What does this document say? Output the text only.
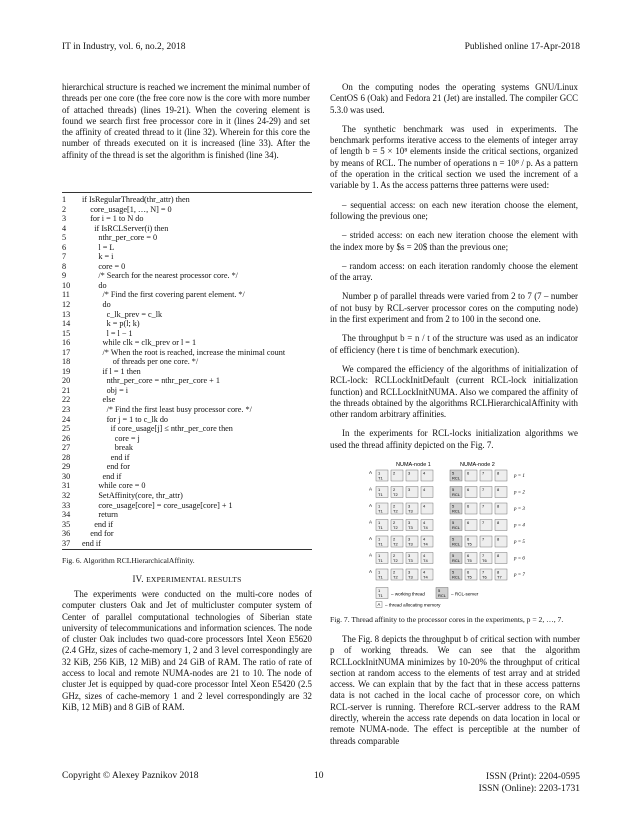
IT in Industry, vol. 6, no.2, 2018	Published online 17-Apr-2018

hierarchical structure is reached we increment the minimal number of threads per one core (the free core now is the core with more number of attached threads) (lines 19-21). When the covering element is found we search first free processor core in it (lines 24-29) and set the affinity of created thread to it (line 32). Wherein for this core the number of threads executed on it is increased (line 33). After the affinity of the thread is set the algorithm is finished (line 34).

1	if IsRegularThread(thr_attr) then
2	core_usage[1, …, N] = 0
3	for i = 1 to N do
4	if IsRCLServer(i) then
5	nthr_per_core = 0
6	l = L
7	k = i
8	core = 0
9	/* Search for the nearest processor core. */
10	do
11	/* Find the first covering parent element. */
12	do
13	c_lk_prev = c_lk
14	k = p(l; k)
15	l = l − 1
16	while clk = clk_prev or l = 1
17	/* When the root is reached, increase the minimal count
18	of threads per one core. */
19	if l = 1 then
20	nthr_per_core = nthr_per_core + 1
21	obj = i
22	else
23	/* Find the first least busy processor core. */
24	for j = 1 to c_lk do
25	if core_usage[j] ≤ nthr_per_core then
26	core = j
27	break
28	end if
29	end for
30	end if
31	while core = 0
32	SetAffinity(core, thr_attr)
33	core_usage[core] = core_usage[core] + 1
34	return
35	end if
36	end for
37	end if
Fig. 6. Algorithm RCLHierarchicalAffinity.
IV. EXPERIMENTAL RESULTS

The experiments were conducted on the multi-core nodes of computer clusters Oak and Jet of multicluster computer system of Center of parallel computational technologies of Siberian state university of telecommunications and information sciences. The node of cluster Oak includes two quad-core processors Intel Xeon E5620 (2.4 GHz, sizes of cache-memory 1, 2 and 3 level correspondingly are 32 KiB, 256 KiB, 12 MiB) and 24 GiB of RAM. The ratio of rate of access to local and remote NUMA-nodes are 21 to 10. The node of cluster Jet is equipped by quad-core processor Intel Xeon E5420 (2.5 GHz, sizes of cache-memory 1 and 2 level correspondingly are 32 KiB, 12 MiB) and 8 GiB of RAM.

On the computing nodes the operating systems GNU/Linux CentOS 6 (Oak) and Fedora 21 (Jet) are installed. The compiler GCC 5.3.0 was used.

The synthetic benchmark was used in experiments. The benchmark performs iterative access to the elements of integer array of length b = 5 × 10⁸ elements inside the critical sections, organized by means of RCL. The number of operations n = 10⁸ / p. As a pattern of the operation in the critical section we used the increment of a variable by 1. As the access patterns three patterns were used:

– sequential access: on each new iteration choose the element, following the previous one;

– strided access: on each new iteration choose the element with the index more by $s = 20$ than the previous one;

– random access: on each iteration randomly choose the element of the array.

Number p of parallel threads were varied from 2 to 7 (7 – number of not busy by RCL-server processor cores on the computing node) in the first experiment and from 2 to 100 in the second one.

The throughput b = n / t of the structure was used as an indicator of efficiency (here t is time of benchmark execution).

We compared the efficiency of the algorithms of initialization of RCL-lock: RCLLockInitDefault (current RCL-lock initialization function) and RCLLockInitNUMA. Also we compared the affinity of the threads obtained by the algorithms RCLHierarchicalAffinity with other random arbitrary affinities.

In the experiments for RCL-locks initialization algorithms we used the thread affinity depicted on the Fig. 7.

NUMA-node 1	NUMA-node 2
A 1
T1
2	3	4	5
RCL
6	7	8
p = 1
A 1
T1
2
T2
3	4	5
RCL
6	7	8
p = 2
A 1
T1
2
T2
3
T3
4	5
RCL
6	7	8
p = 3
A 1
T1
2
T2
3
T3
4
T4
5
RCL
6	7	8
p = 4
A 1
T1
2
T2
3
T3
4
T4
5
RCL
6
T5
7	8
p = 5
A 1
T1
2
T2
3
T3
4
T4
5
RCL
6
T5
7
T6
8
p = 6
A 1
T1
2
T2
3
T3
4
T4
5
RCL
6
T5
7
T6
8
T7 p = 7
1
T1 – working thread
5
RCL – RCL-server
A – thread allocating memory
Fig. 7. Thread affinity to the processor cores in the experiments, p = 2, …, 7.

The Fig. 8 depicts the throughput b of critical section with number p of working threads. We can see that the algorithm RCLLockInitNUMA minimizes by 10-20% the throughput of critical section at random access to the elements of test array and at strided access. We can explain that by the fact that in these access patterns data is not cached in the local cache of processor core, on which RCL-server is running. Therefore RCL-server address to the RAM directly, wherein the access rate depends on data location in local or remote NUMA-node. The effect is perceptible at the number of threads comparable

Copyright © Alexey Paznikov 2018	10	ISSN (Print): 2204-0595
ISSN (Online): 2203-1731
